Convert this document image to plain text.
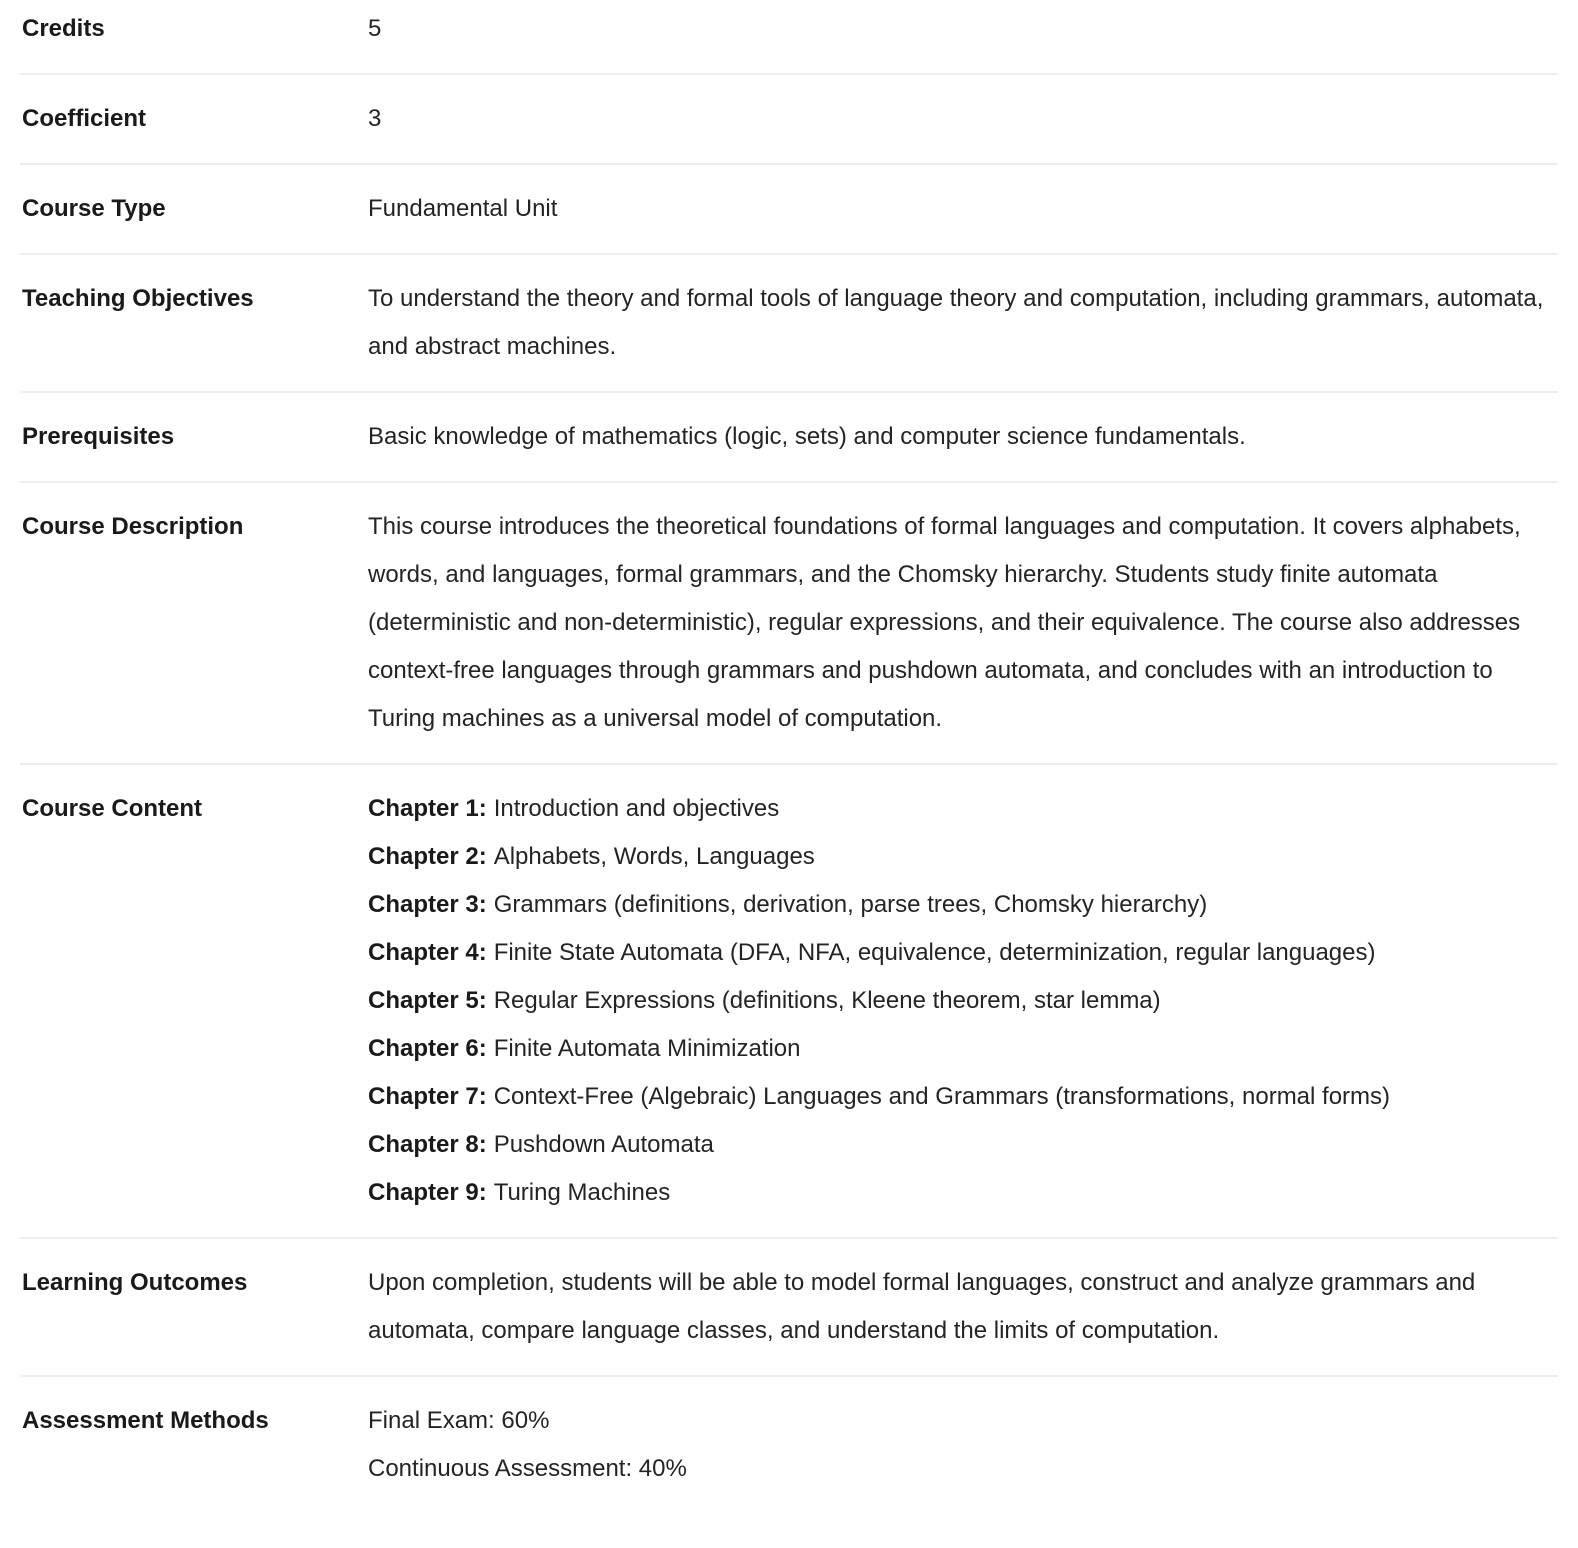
Credits	5
Coefficient	3
Course Type	Fundamental Unit
Teaching Objectives	To understand the theory and formal tools of language theory and computation, including grammars, automata, and abstract machines.
Prerequisites	Basic knowledge of mathematics (logic, sets) and computer science fundamentals.
Course Description	This course introduces the theoretical foundations of formal languages and computation. It covers alphabets, words, and languages, formal grammars, and the Chomsky hierarchy. Students study finite automata (deterministic and non-deterministic), regular expressions, and their equivalence. The course also addresses context-free languages through grammars and pushdown automata, and concludes with an introduction to Turing machines as a universal model of computation.
Course Content	Chapter 1: Introduction and objectives
Chapter 2: Alphabets, Words, Languages
Chapter 3: Grammars (definitions, derivation, parse trees, Chomsky hierarchy)
Chapter 4: Finite State Automata (DFA, NFA, equivalence, determinization, regular languages)
Chapter 5: Regular Expressions (definitions, Kleene theorem, star lemma)
Chapter 6: Finite Automata Minimization
Chapter 7: Context-Free (Algebraic) Languages and Grammars (transformations, normal forms)
Chapter 8: Pushdown Automata
Chapter 9: Turing Machines
Learning Outcomes	Upon completion, students will be able to model formal languages, construct and analyze grammars and automata, compare language classes, and understand the limits of computation.
Assessment Methods	Final Exam: 60%
Continuous Assessment: 40%
